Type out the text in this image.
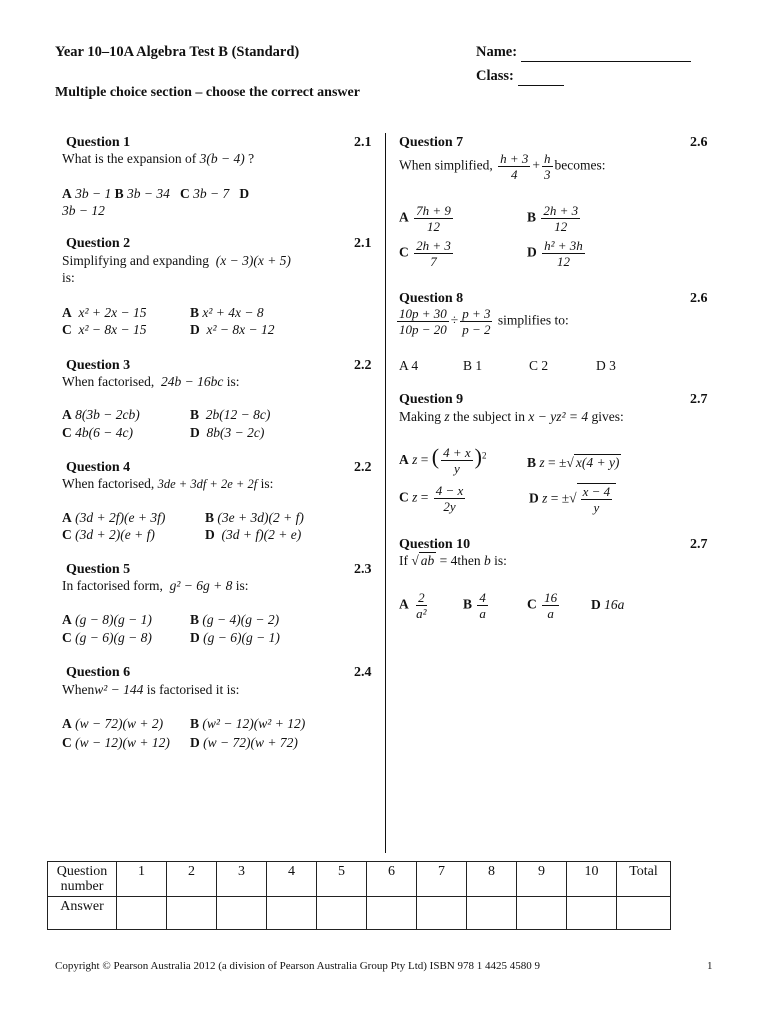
Year 10–10A Algebra Test B (Standard)	Name:
Class:
Multiple choice section – choose the correct answer
Question 1	2.1
What is the expansion of 3(b − 4) ?
A 3b − 1 B 3b − 34 C 3b − 7 D
3b − 12
Question 2	2.1
Simplifying and expanding (x − 3)(x + 5)
is:
A x² + 2x − 15	B x² + 4x − 8
C x² − 8x − 15	D x² − 8x − 12
Question 3	2.2
When factorised, 24b − 16bc is:
A 8(3b − 2cb)	B 2b(12 − 8c)
C 4b(6 − 4c)	D 8b(3 − 2c)
Question 4	2.2
When factorised, 3de + 3df + 2e + 2f is:
A (3d + 2f)(e + 3f)	B (3e + 3d)(2 + f)
C (3d + 2)(e + f)	D (3d + f)(2 + e)
Question 5	2.3
In factorised form, g² − 6g + 8 is:
A (g − 8)(g − 1)	B (g − 4)(g − 2)
C (g − 6)(g − 8)	D (g − 6)(g − 1)
Question 6	2.4
Whenw² − 144 is factorised it is:
A (w − 72)(w + 2) B (w² − 12)(w² + 12)
C (w − 12)(w + 12) D (w − 72)(w + 72)
Question 7	2.6
When simplified, $\frac{h + 3}{4} + \frac{h}{3}$ becomes:
A $\frac{7h + 9}{12}$	B $\frac{2h + 3}{12}$
C $\frac{2h + 3}{7}$	D $\frac{\text{h² + 3h}}{12}$
Question 8	2.6
$\frac{10p + 30}{10p - 20} \div \frac{p + 3}{p - 2}$ simplifies to:
A 4	B 1	C 2	D 3
Question 9	2.7
Making z the subject in x − yz² = 4 gives:
A z = ( $\frac{4 + x}{y} )^2$	B z = ±√ x(4 + y)
C $z = \frac{4 - x}{2y}$	D z = ±√ $\frac{x - 4}{y}$
Question 10	2.7
If √ ab = 4then b is:
A $\frac{2}{\text{a²}}$	B $\frac{4}{a}$	C $\frac{16}{a}$ D 16a
Question number	1	2	3	4	5	6	7	8	9	10	Total
Answer											
Copyright © Pearson Australia 2012 (a division of Pearson Australia Group Pty Ltd) ISBN 978 1 4425 4580 9	1
